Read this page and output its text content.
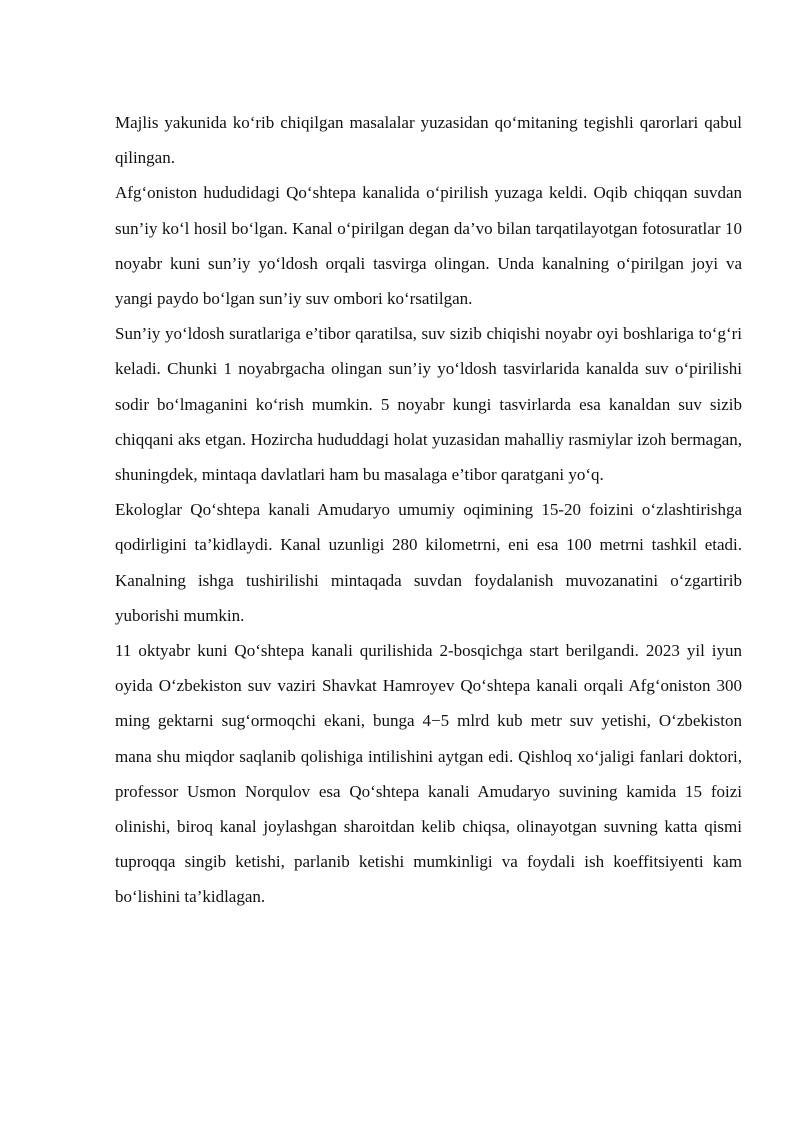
Majlis yakunida ko‘rib chiqilgan masalalar yuzasidan qo‘mitaning tegishli qarorlari qabul qilingan.

Afg‘oniston hududidagi Qo‘shtepa kanalida o‘pirilish yuzaga keldi. Oqib chiqqan suvdan sun’iy ko‘l hosil bo‘lgan. Kanal o‘pirilgan degan da’vo bilan tarqatilayotgan fotosuratlar 10 noyabr kuni sun’iy yo‘ldosh orqali tasvirga olingan. Unda kanalning o‘pirilgan joyi va yangi paydo bo‘lgan sun’iy suv ombori ko‘rsatilgan.

Sun’iy yo‘ldosh suratlariga e’tibor qaratilsa, suv sizib chiqishi noyabr oyi boshlariga to‘g‘ri keladi. Chunki 1 noyabrgacha olingan sun’iy yo‘ldosh tasvirlarida kanalda suv o‘pirilishi sodir bo‘lmaganini ko‘rish mumkin. 5 noyabr kungi tasvirlarda esa kanaldan suv sizib chiqqani aks etgan. Hozircha hududdagi holat yuzasidan mahalliy rasmiylar izoh bermagan, shuningdek, mintaqa davlatlari ham bu masalaga e’tibor qaratgani yo‘q.

Ekologlar Qo‘shtepa kanali Amudaryo umumiy oqimining 15-20 foizini o‘zlashtirishga qodirligini ta’kidlaydi. Kanal uzunligi 280 kilometrni, eni esa 100 metrni tashkil etadi. Kanalning ishga tushirilishi mintaqada suvdan foydalanish muvozanatini o‘zgartirib yuborishi mumkin.

11 oktyabr kuni Qo‘shtepa kanali qurilishida 2-bosqichga start berilgandi. 2023 yil iyun oyida O‘zbekiston suv vaziri Shavkat Hamroyev Qo‘shtepa kanali orqali Afg‘oniston 300 ming gektarni sug‘ormoqchi ekani, bunga 4−5 mlrd kub metr suv yetishi, O‘zbekiston mana shu miqdor saqlanib qolishiga intilishini aytgan edi. Qishloq xo‘jaligi fanlari doktori, professor Usmon Norqulov esa Qo‘shtepa kanali Amudaryo suvining kamida 15 foizi olinishi, biroq kanal joylashgan sharoitdan kelib chiqsa, olinayotgan suvning katta qismi tuproqqa singib ketishi, parlanib ketishi mumkinligi va foydali ish koeffitsiyenti kam bo‘lishini ta’kidlagan.
